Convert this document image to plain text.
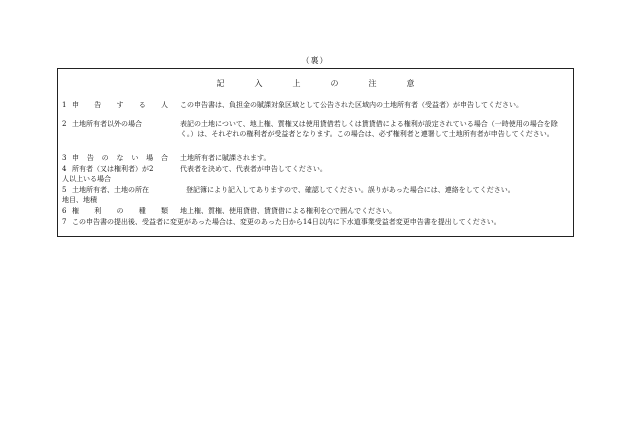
（裏）
記	入	上	の	注	意
1 申 告 す る 人 この申告書は、負担金の賦課対象区域として公告された区域内の土地所有者（受益者）が申告してください。
2 土地所有者以外の場合	表記の土地について、地上権、質権又は使用貸借若しくは賃貸借による権利が設定されている場合（一時使用の場合を除く。）は、それぞれの権利者が受益者となります。この場合は、必ず権利者と連署して土地所有者が申告してください。
3 申 告 の な い 場 合 土地所有者に賦課されます。
4 所有者（又は権利者）が2	代表者を決めて、代表者が申告してください。
人以上いる場合
5 土地所有者、土地の所在	登記簿により記入してありますので、確認してください。誤りがあった場合には、連絡をしてください。
地目、地積
6 権 利 の 種 類 地上権、質権、使用貸借、賃貸借による権利を○で囲んでください。
7 この申告書の提出後、受益者に変更があった場合は、変更のあった日から14日以内に下水道事業受益者変更申告書を提出してください。
